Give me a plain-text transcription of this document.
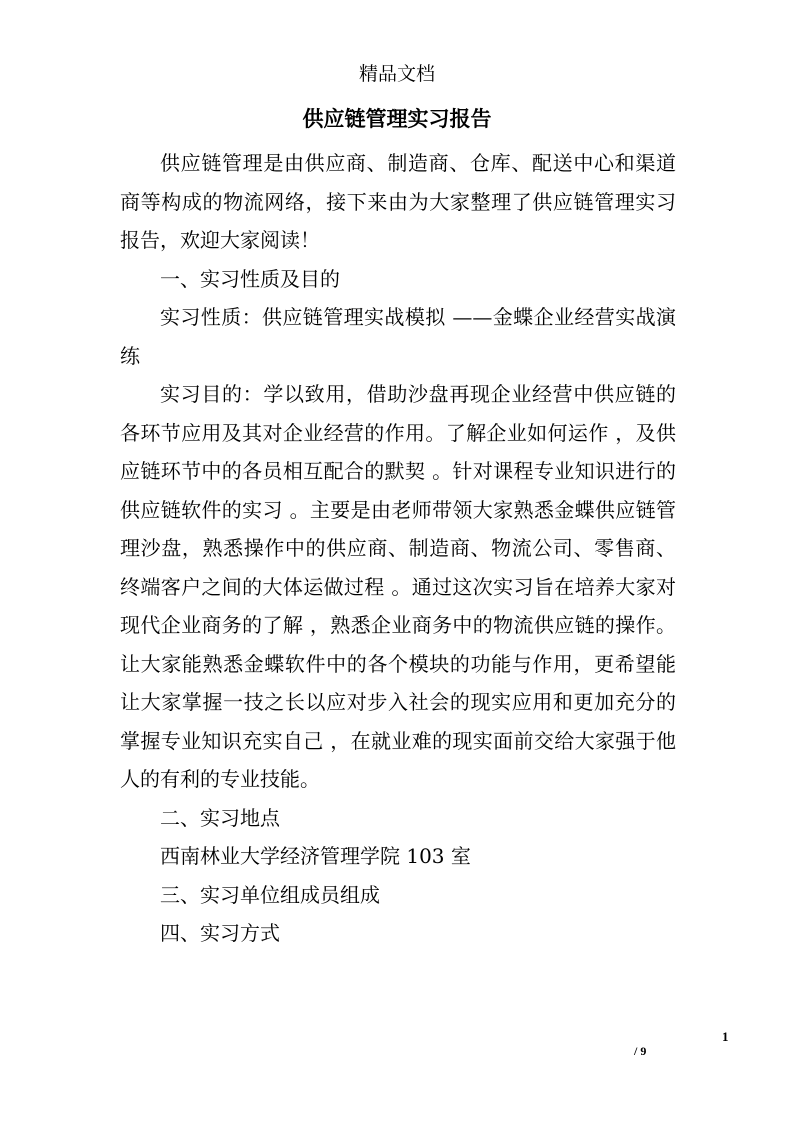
精品文档
供应链管理实习报告

供应链管理是由供应商、制造商、仓库、配送中心和渠道商等构成的物流网络，接下来由为大家整理了供应链管理实习报告，欢迎大家阅读！

一、实习性质及目的

实习性质：供应链管理实战模拟 ——金蝶企业经营实战演练

实习目的：学以致用，借助沙盘再现企业经营中供应链的各环节应用及其对企业经营的作用。了解企业如何运作 ，及供应链环节中的各员相互配合的默契 。针对课程专业知识进行的供应链软件的实习 。主要是由老师带领大家熟悉金蝶供应链管理沙盘，熟悉操作中的供应商、制造商、物流公司、零售商、终端客户之间的大体运做过程 。通过这次实习旨在培养大家对现代企业商务的了解 ，熟悉企业商务中的物流供应链的操作。让大家能熟悉金蝶软件中的各个模块的功能与作用，更希望能让大家掌握一技之长以应对步入社会的现实应用和更加充分的掌握专业知识充实自己 ，在就业难的现实面前交给大家强于他人的有利的专业技能。

二、实习地点

西南林业大学经济管理学院 103 室

三、实习单位组成员组成

四、实习方式

1
/ 9
